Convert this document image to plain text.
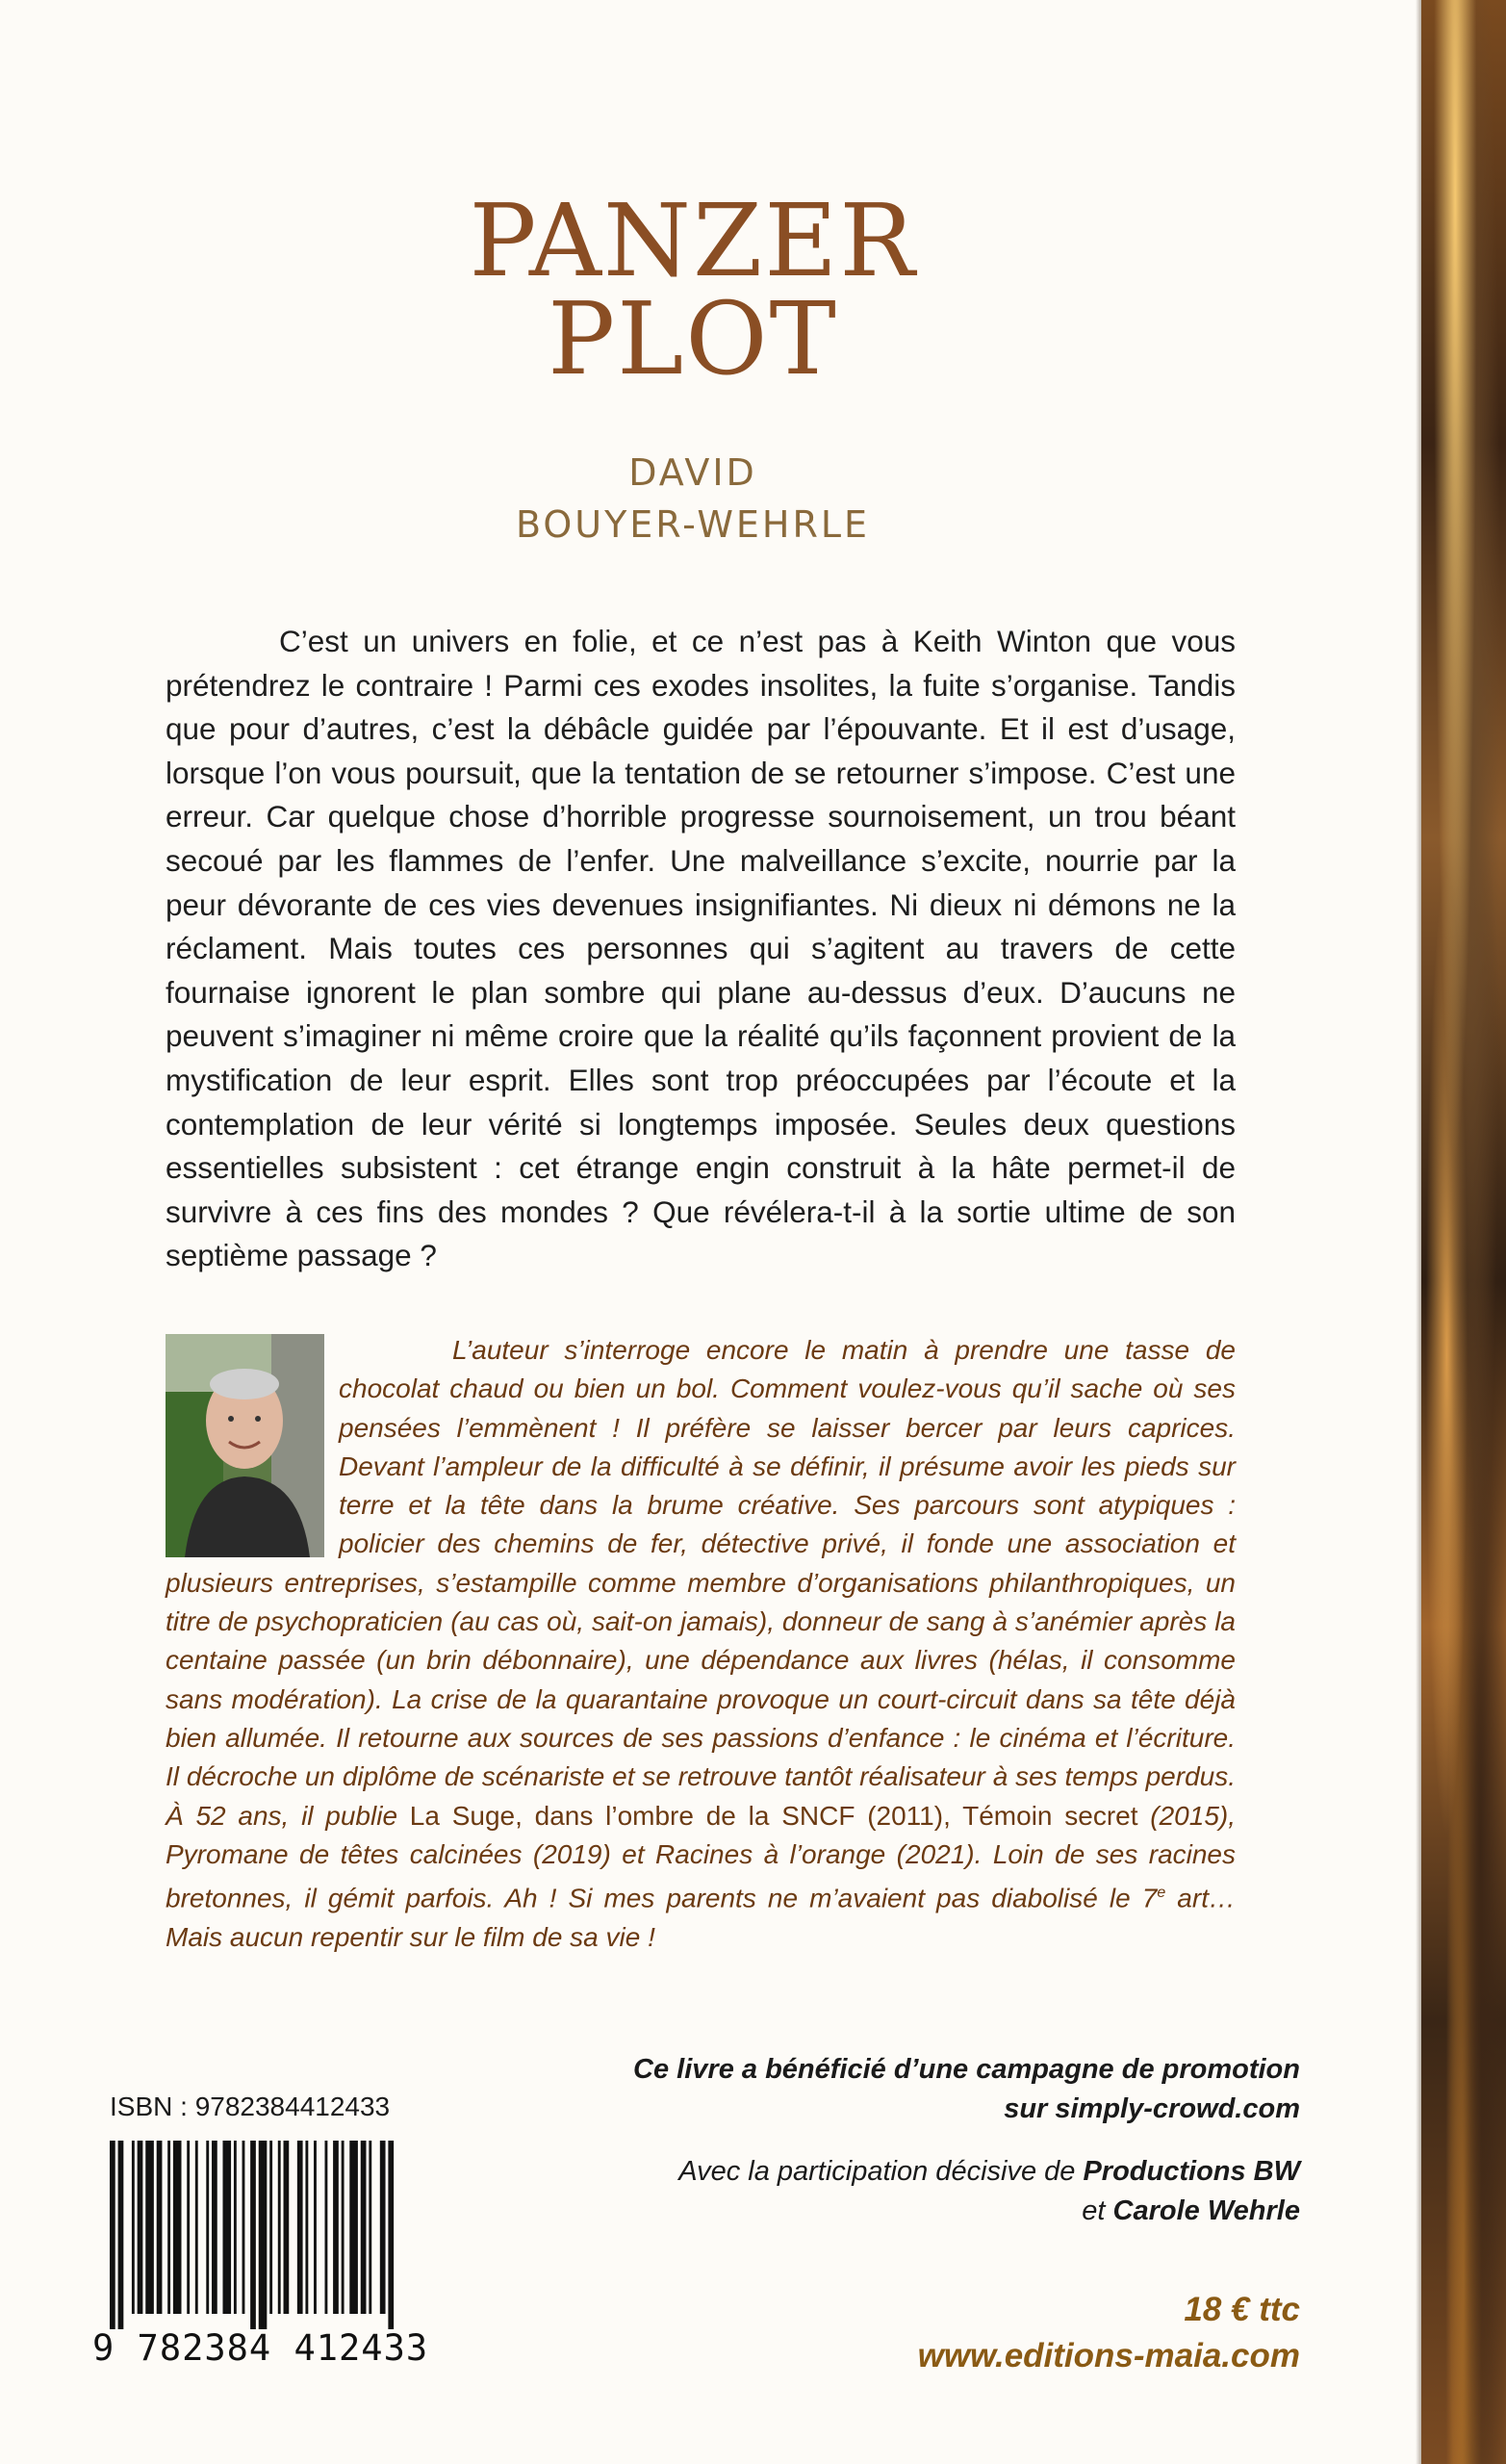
PANZER
PLOT
DAVID
BOUYER-WEHRLE

C’est un univers en folie, et ce n’est pas à Keith Winton que vous prétendrez le contraire ! Parmi ces exodes insolites, la fuite s’organise. Tandis que pour d’autres, c’est la débâcle guidée par l’épouvante. Et il est d’usage, lorsque l’on vous poursuit, que la tentation de se retourner s’impose. C’est une erreur. Car quelque chose d’horrible progresse sournoisement, un trou béant secoué par les flammes de l’enfer. Une malveillance s’excite, nourrie par la peur dévorante de ces vies devenues insignifiantes. Ni dieux ni démons ne la réclament. Mais toutes ces personnes qui s’agitent au travers de cette fournaise ignorent le plan sombre qui plane au-dessus d’eux. D’aucuns ne peuvent s’imaginer ni même croire que la réalité qu’ils façonnent provient de la mystification de leur esprit. Elles sont trop préoccupées par l’écoute et la contemplation de leur vérité si longtemps imposée. Seules deux questions essentielles subsistent : cet étrange engin construit à la hâte permet-il de survivre à ces fins des mondes ? Que révélera-t-il à la sortie ultime de son septième passage ?

L’auteur s’interroge encore le matin à prendre une tasse de chocolat chaud ou bien un bol. Comment voulez-vous qu’il sache où ses pensées l’emmènent ! Il préfère se laisser bercer par leurs caprices. Devant l’ampleur de la difficulté à se définir, il présume avoir les pieds sur terre et la tête dans la brume créative. Ses parcours sont atypiques : policier des chemins de fer, détective privé, il fonde une association et plusieurs entreprises, s’estampille comme membre d’organisations philanthropiques, un titre de psychopraticien (au cas où, sait-on jamais), donneur de sang à s’anémier après la centaine passée (un brin débonnaire), une dépendance aux livres (hélas, il consomme sans modération). La crise de la quarantaine provoque un court-circuit dans sa tête déjà bien allumée. Il retourne aux sources de ses passions d’enfance : le cinéma et l’écriture. Il décroche un diplôme de scénariste et se retrouve tantôt réalisateur à ses temps perdus. À 52 ans, il publie La Suge, dans l’ombre de la SNCF (2011), Témoin secret (2015), Pyromane de têtes calcinées (2019) et Racines à l’orange (2021). Loin de ses racines bretonnes, il gémit parfois. Ah ! Si mes parents ne m’avaient pas diabolisé le 7e art… Mais aucun repentir sur le film de sa vie !

ISBN : 9782384412433
9 782384 412433
Ce livre a bénéficié d’une campagne de promotion
sur simply-crowd.com
Avec la participation décisive de Productions BW
et Carole Wehrle
18 € ttc
www.editions-maia.com
